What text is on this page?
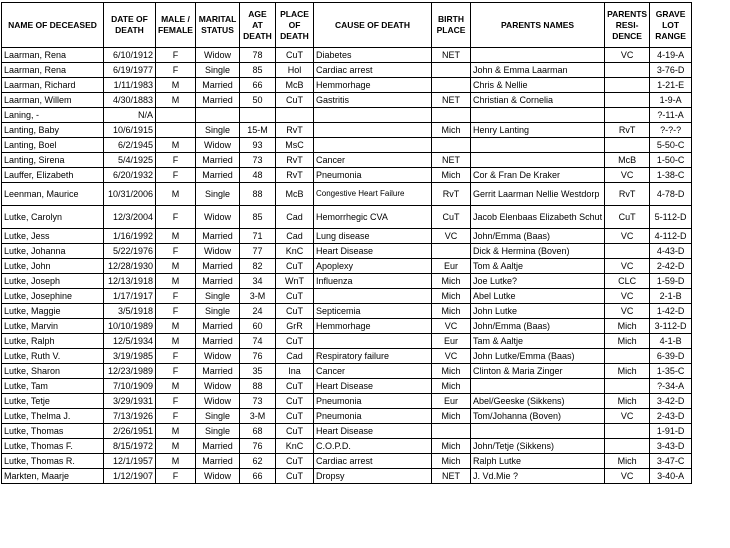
NAME OF DECEASED	DATE OF DEATH	MALE / FEMALE	MARITAL STATUS	AGE AT DEATH	PLACE OF DEATH	CAUSE OF DEATH	BIRTH PLACE	PARENTS NAMES	PARENTS RESI-DENCE	GRAVE LOT RANGE
Laarman, Rena	6/10/1912	F	Widow	78	CuT	Diabetes	NET		VC	4-19-A
Laarman, Rena	6/19/1977	F	Single	85	Hol	Cardiac arrest		John & Emma Laarman		3-76-D
Laarman, Richard	1/11/1983	M	Married	66	McB	Hemmorhage		Chris & Nellie		1-21-E
Laarman, Willem	4/30/1883	M	Married	50	CuT	Gastritis	NET	Christian & Cornelia		1-9-A
Laning, -	N/A									?-11-A
Lanting, Baby	10/6/1915		Single	15-M	RvT		Mich	Henry Lanting	RvT	?-?-?
Lanting, Boel	6/2/1945	M	Widow	93	MsC					5-50-C
Lanting, Sirena	5/4/1925	F	Married	73	RvT	Cancer	NET		McB	1-50-C
Lauffer, Elizabeth	6/20/1932	F	Married	48	RvT	Pneumonia	Mich	Cor & Fran De Kraker	VC	1-38-C
Leenman, Maurice	10/31/2006	M	Single	88	McB	Congestive Heart Failure	RvT	Gerrit Laarman Nellie Westdorp	RvT	4-78-D
Lutke, Carolyn	12/3/2004	F	Widow	85	Cad	Hemorrhegic CVA	CuT	Jacob Elenbaas Elizabeth Schut	CuT	5-112-D
Lutke, Jess	1/16/1992	M	Married	71	Cad	Lung disease	VC	John/Emma (Baas)	VC	4-112-D
Lutke, Johanna	5/22/1976	F	Widow	77	KnC	Heart Disease		Dick & Hermina (Boven)		4-43-D
Lutke, John	12/28/1930	M	Married	82	CuT	Apoplexy	Eur	Tom & Aaltje	VC	2-42-D
Lutke, Joseph	12/13/1918	M	Married	34	WnT	Influenza	Mich	Joe Lutke?	CLC	1-59-D
Lutke, Josephine	1/17/1917	F	Single	3-M	CuT		Mich	Abel Lutke	VC	2-1-B
Lutke, Maggie	3/5/1918	F	Single	24	CuT	Septicemia	Mich	John Lutke	VC	1-42-D
Lutke, Marvin	10/10/1989	M	Married	60	GrR	Hemmorhage	VC	John/Emma (Baas)	Mich	3-112-D
Lutke, Ralph	12/5/1934	M	Married	74	CuT		Eur	Tam & Aaltje	Mich	4-1-B
Lutke, Ruth V.	3/19/1985	F	Widow	76	Cad	Respiratory failure	VC	John Lutke/Emma (Baas)		6-39-D
Lutke, Sharon	12/23/1989	F	Married	35	Ina	Cancer	Mich	Clinton & Maria Zinger	Mich	1-35-C
Lutke, Tam	7/10/1909	M	Widow	88	CuT	Heart Disease	Mich			?-34-A
Lutke, Tetje	3/29/1931	F	Widow	73	CuT	Pneumonia	Eur	Abel/Geeske (Sikkens)	Mich	3-42-D
Lutke, Thelma J.	7/13/1926	F	Single	3-M	CuT	Pneumonia	Mich	Tom/Johanna (Boven)	VC	2-43-D
Lutke, Thomas	2/26/1951	M	Single	68	CuT	Heart Disease				1-91-D
Lutke, Thomas F.	8/15/1972	M	Married	76	KnC	C.O.P.D.	Mich	John/Tetje (Sikkens)		3-43-D
Lutke, Thomas R.	12/1/1957	M	Married	62	CuT	Cardiac arrest	Mich	Ralph Lutke	Mich	3-47-C
Markten, Maarje	1/12/1907	F	Widow	66	CuT	Dropsy	NET	J. Vd.Mie ?	VC	3-40-A
